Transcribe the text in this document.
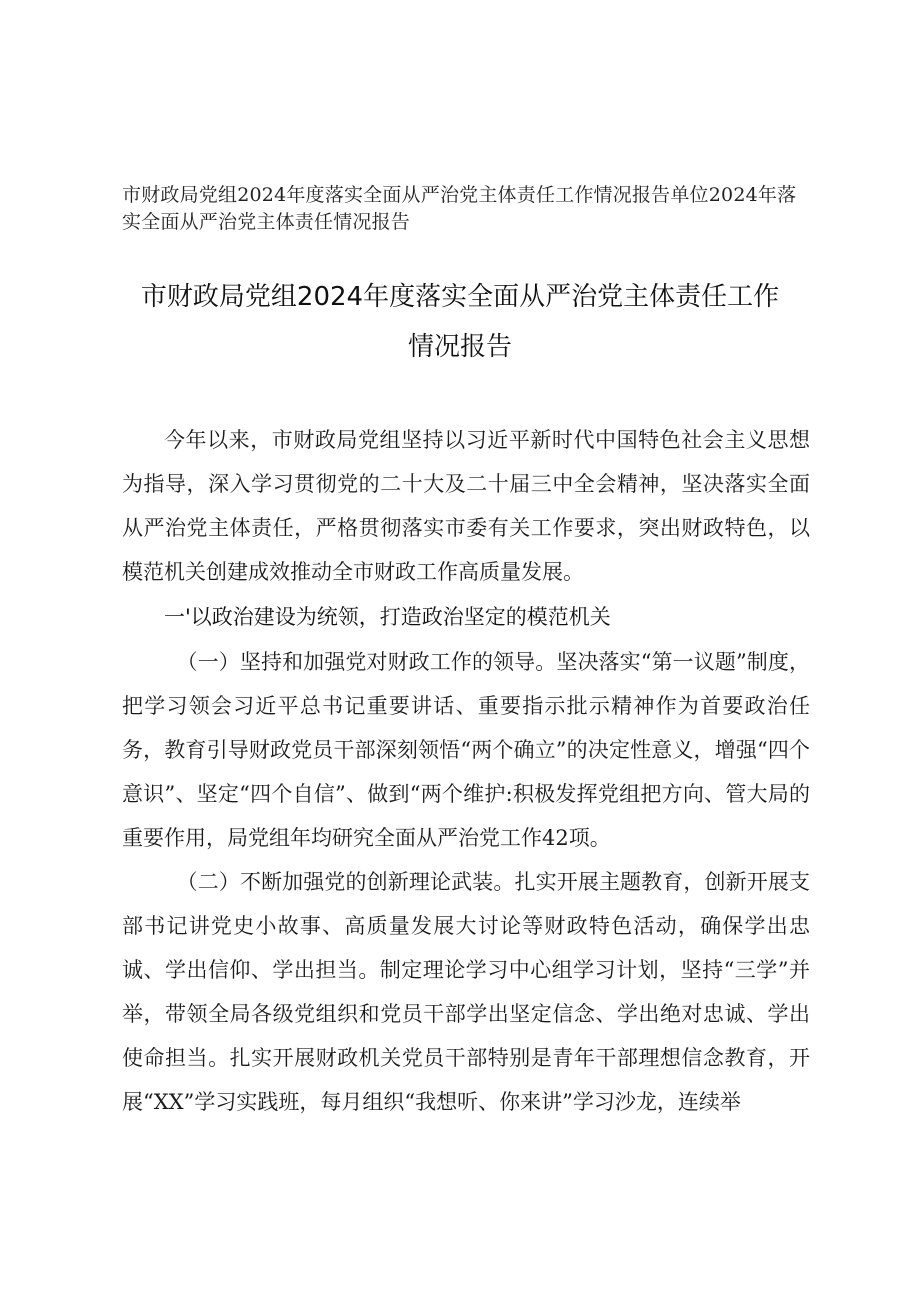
市财政局党组2024年度落实全面从严治党主体责任工作情况报告单位2024年落实全面从严治党主体责任情况报告
市财政局党组2024年度落实全面从严治党主体责任工作
情况报告

今年以来，市财政局党组坚持以习近平新时代中国特色社会主义思想为指导，深入学习贯彻党的二十大及二十届三中全会精神，坚决落实全面从严治党主体责任，严格贯彻落实市委有关工作要求，突出财政特色，以模范机关创建成效推动全市财政工作高质量发展。

一'以政治建设为统领，打造政治坚定的模范机关

（一）坚持和加强党对财政工作的领导。坚决落实“第一议题”制度，把学习领会习近平总书记重要讲话、重要指示批示精神作为首要政治任务，教育引导财政党员干部深刻领悟“两个确立”的决定性意义，增强“四个意识”、坚定“四个自信”、做到“两个维护:积极发挥党组把方向、管大局的重要作用，局党组年均研究全面从严治党工作42项。

（二）不断加强党的创新理论武装。扎实开展主题教育，创新开展支部书记讲党史小故事、高质量发展大讨论等财政特色活动，确保学出忠诚、学出信仰、学出担当。制定理论学习中心组学习计划，坚持“三学”并举，带领全局各级党组织和党员干部学出坚定信念、学出绝对忠诚、学出使命担当。扎实开展财政机关党员干部特别是青年干部理想信念教育，开展“XX”学习实践班，每月组织“我想听、你来讲”学习沙龙，连续举
